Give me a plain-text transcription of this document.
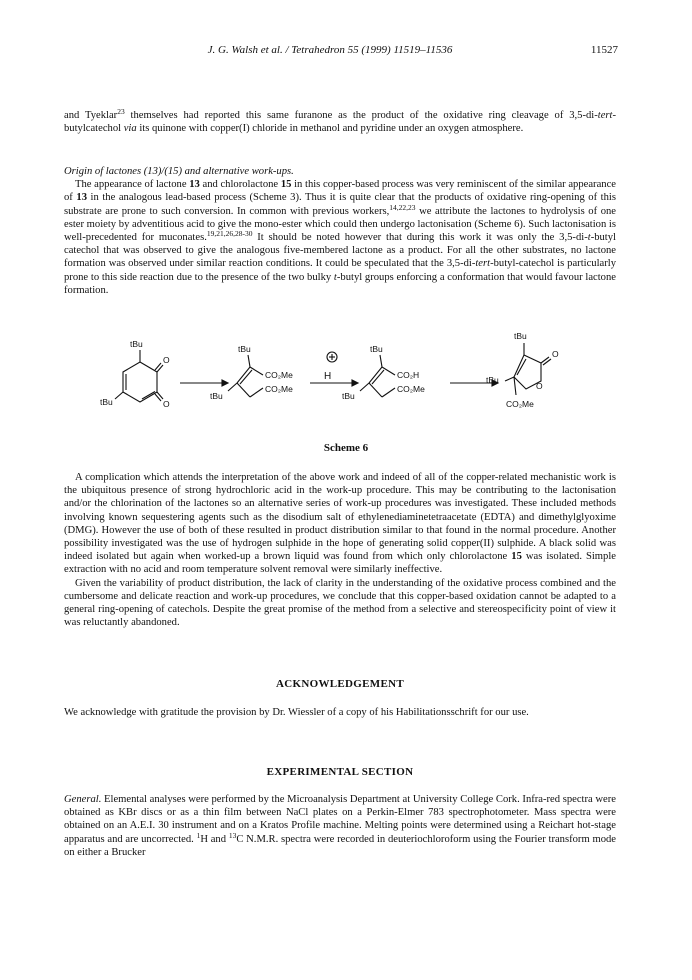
J. G. Walsh et al. / Tetrahedron 55 (1999) 11519–11536	11527

and Tyeklar$^{23}$ themselves had reported this same furanone as the product of the oxidative ring cleavage of 3,5-di-tert-butylcatechol via its quinone with copper(I) chloride in methanol and pyridine under an oxygen atmosphere.

Origin of lactones (13)/(15) and alternative work-ups.

The appearance of lactone 13 and chlorolactone 15 in this copper-based process was very reminiscent of the similar appearance of 13 in the analogous lead-based process (Scheme 3). Thus it is quite clear that the products of oxidative ring-opening of this substrate are prone to such conversion. In common with previous workers,$^{14,22,23}$ we attribute the lactones to hydrolysis of one ester moiety by adventitious acid to give the mono-ester which could then undergo lactonisation (Scheme 6). Such lactonisation is well-precedented for muconates.$^{19,21,26,28-30}$ It should be noted however that during this work it was only the 3,5-di-t-butyl catechol that was observed to give the analogous five-membered lactone as a product. For all the other substrates, no lactone formation was observed under similar reaction conditions. It could be speculated that the 3,5-di-tert-butyl-catechol is particularly prone to this side reaction due to the presence of the two bulky t-butyl groups enforcing a conformation that would favour lactone formation.

tBu
O
O
tBu
tBu
CO₂Me
CO₂Me
tBu
H
tBu
CO₂H
CO₂Me
tBu
tBu
O
O
tBu
CO₂Me
Scheme 6

A complication which attends the interpretation of the above work and indeed of all of the copper-related mechanistic work is the ubiquitous presence of strong hydrochloric acid in the work-up procedure. This may be contributing to the lactonisation and/or the chlorination of the lactones so an alternative series of work-up procedures was investigated. These included methods involving known sequestering agents such as the disodium salt of ethylenediaminetetraacetate (EDTA) and dimethylglyoxime (DMG). However the use of both of these resulted in product distribution similar to that found in the normal procedure. Another possibility investigated was the use of hydrogen sulphide in the hope of generating solid copper(II) sulphide. A black solid was indeed isolated but again when worked-up a brown liquid was found from which only chlorolactone 15 was isolated. Simple extraction with no acid and room temperature solvent removal were similarly ineffective.

Given the variability of product distribution, the lack of clarity in the understanding of the oxidative process combined and the cumbersome and delicate reaction and work-up procedures, we conclude that this copper-based oxidation cannot be adapted to a general ring-opening of catechols. Despite the great promise of the method from a selective and stereospecificity point of view it was reluctantly abandoned.

ACKNOWLEDGEMENT
We acknowledge with gratitude the provision by Dr. Wiessler of a copy of his Habilitationsschrift for our use.
EXPERIMENTAL SECTION

General. Elemental analyses were performed by the Microanalysis Department at University College Cork. Infra-red spectra were obtained as KBr discs or as a thin film between NaCl plates on a Perkin-Elmer 783 spectrophotometer. Mass spectra were obtained on an A.E.I. 30 instrument and on a Kratos Profile machine. Melting points were determined using a Reichart hot-stage apparatus and are uncorrected. $^1$H and $^{13}$C N.M.R. spectra were recorded in deuteriochloroform using the Fourier transform mode on either a Brucker
